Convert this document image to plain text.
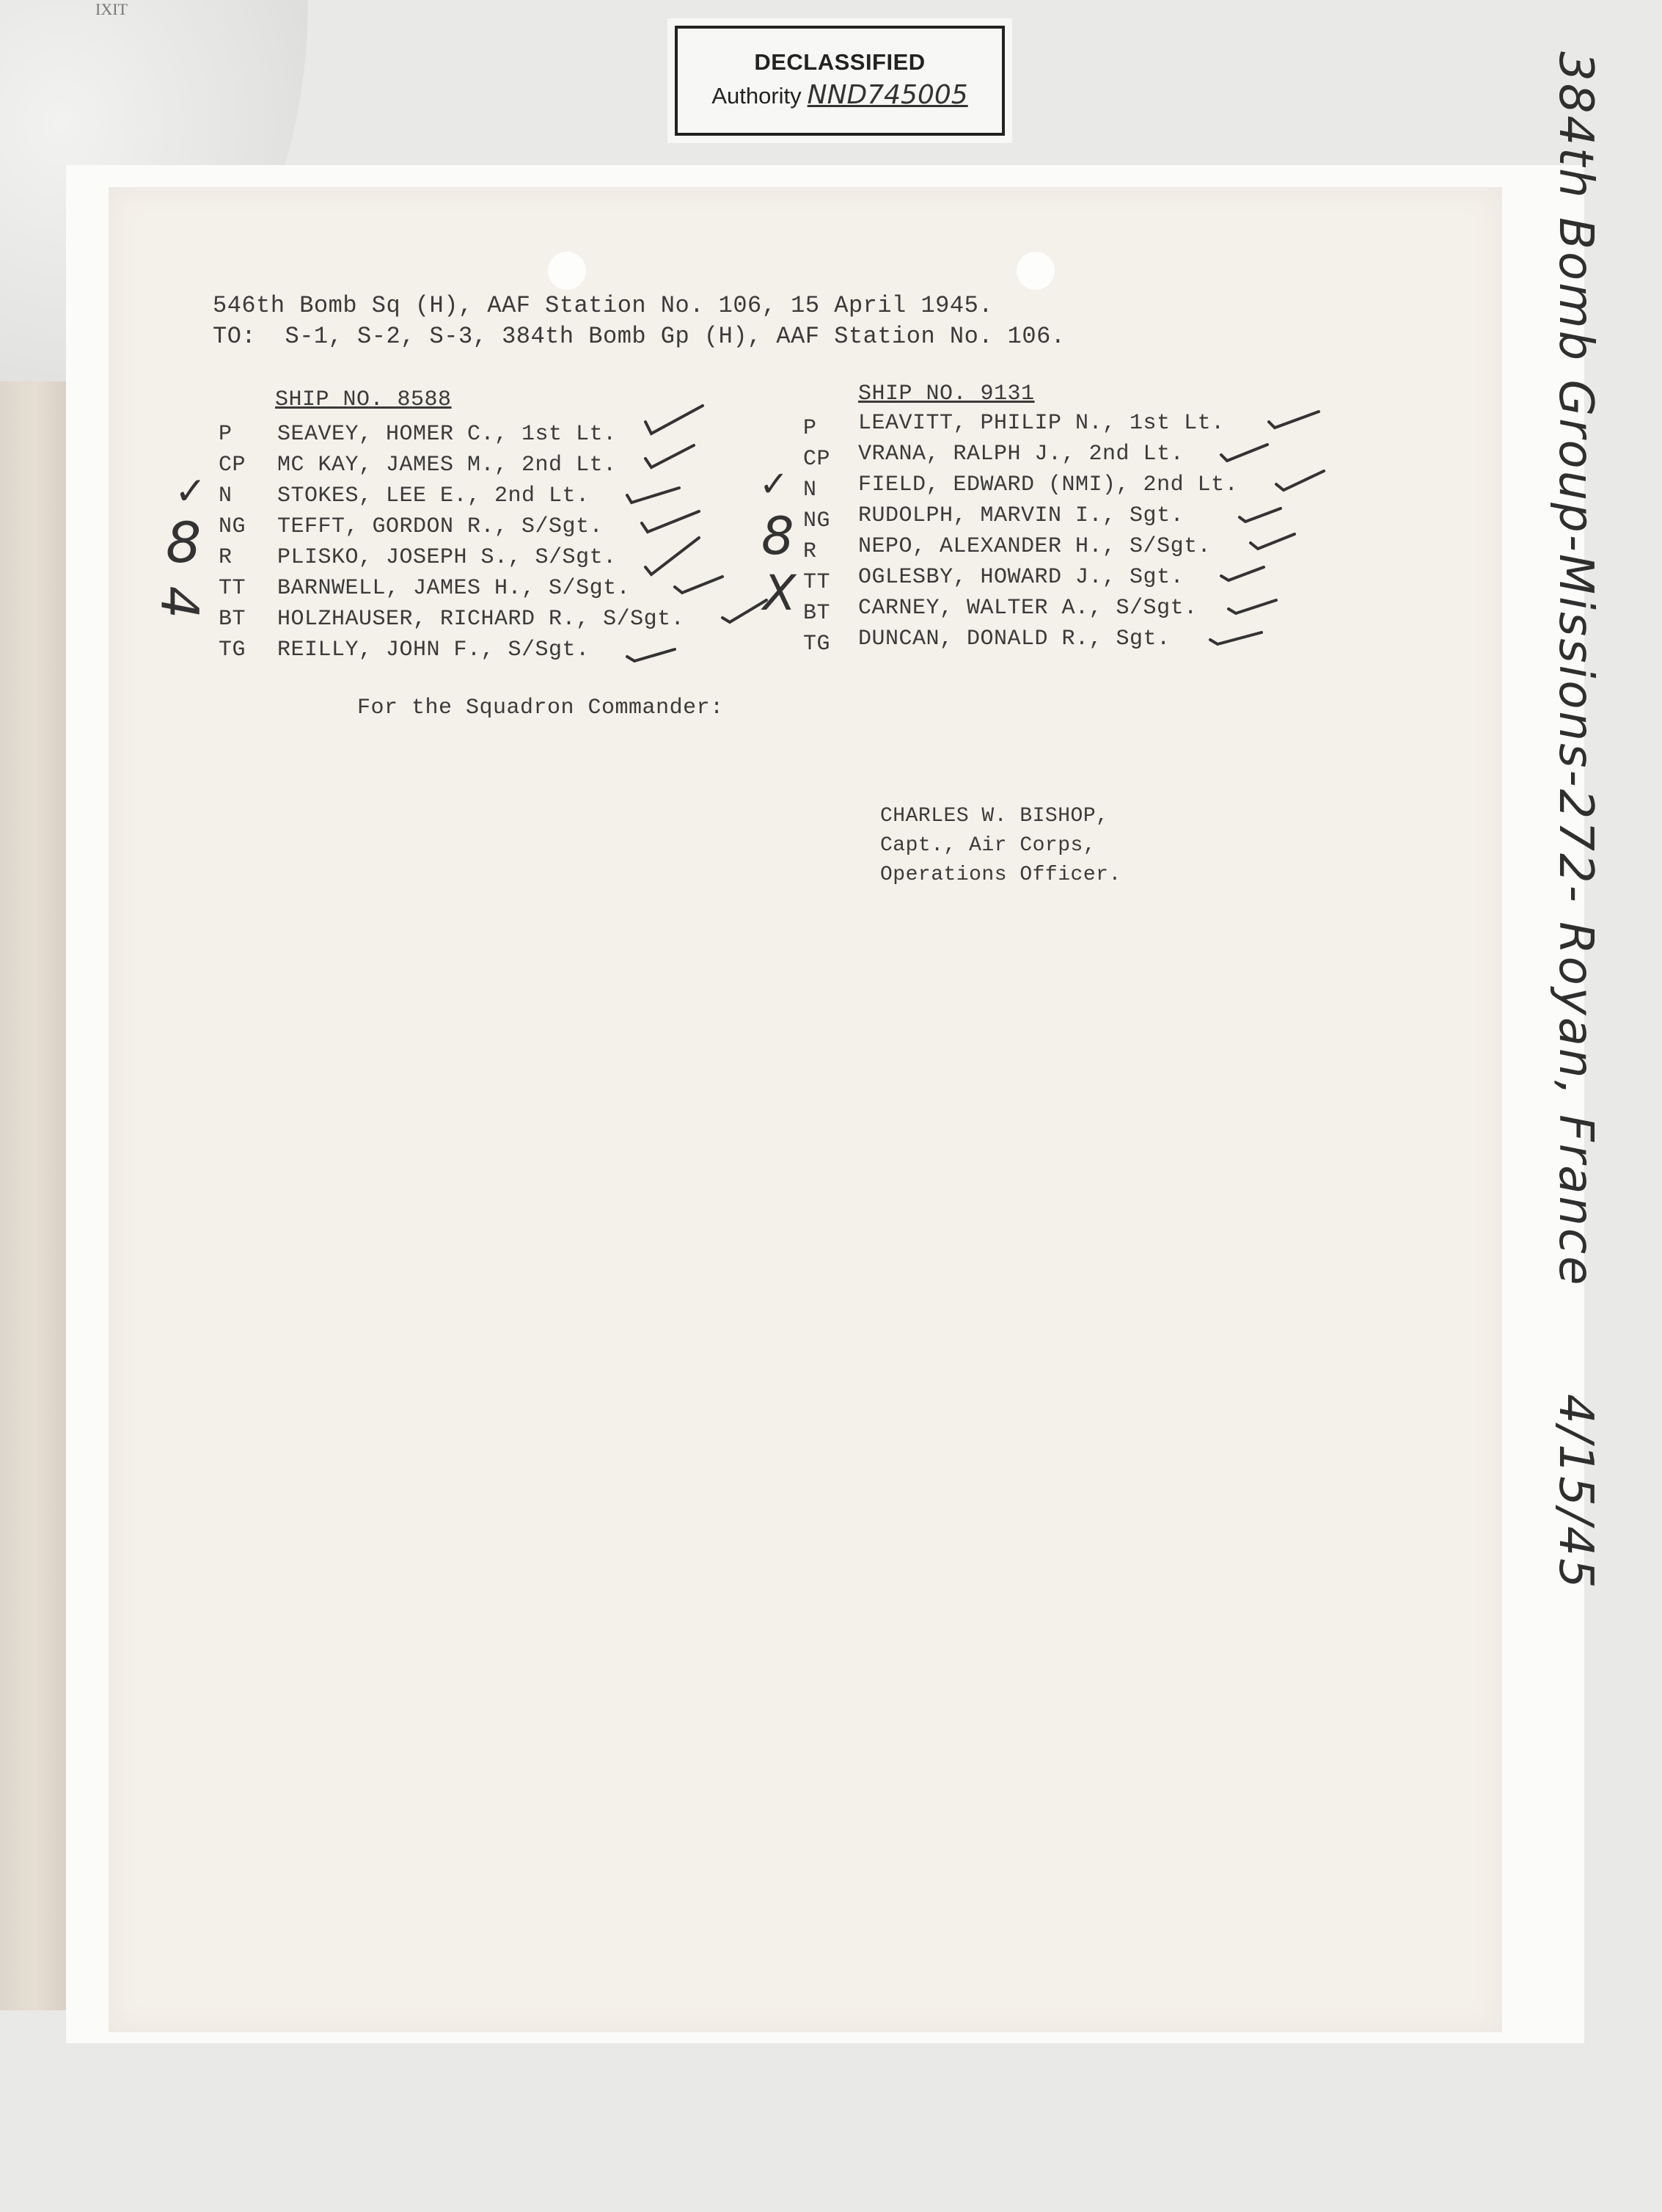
IXIT
DECLASSIFIED
Authority NND745005
546th Bomb Sq (H), AAF Station No. 106, 15 April 1945.
TO:  S-1, S-2, S-3, 384th Bomb Gp (H), AAF Station No. 106.
SHIP NO. 8588
P SEAVEY, HOMER C., 1st Lt.
CP MC KAY, JAMES M., 2nd Lt.
N STOKES, LEE E., 2nd Lt.
NG TEFFT, GORDON R., S/Sgt.
R PLISKO, JOSEPH S., S/Sgt.
TT BARNWELL, JAMES H., S/Sgt.
BT HOLZHAUSER, RICHARD R., S/Sgt.
TG REILLY, JOHN F., S/Sgt.
SHIP NO. 9131
P LEAVITT, PHILIP N., 1st Lt.
CP VRANA, RALPH J., 2nd Lt.
N FIELD, EDWARD (NMI), 2nd Lt.
NG RUDOLPH, MARVIN I., Sgt.
R NEPO, ALEXANDER H., S/Sgt.
TT OGLESBY, HOWARD J., Sgt.
BT CARNEY, WALTER A., S/Sgt.
TG DUNCAN, DONALD R., Sgt.
✓
8
4
✓
8
X
For the Squadron Commander:
CHARLES W. BISHOP,
Capt., Air Corps,
Operations Officer.	384th Bomb Group-Missions-272- Royan, France
4/15/45
